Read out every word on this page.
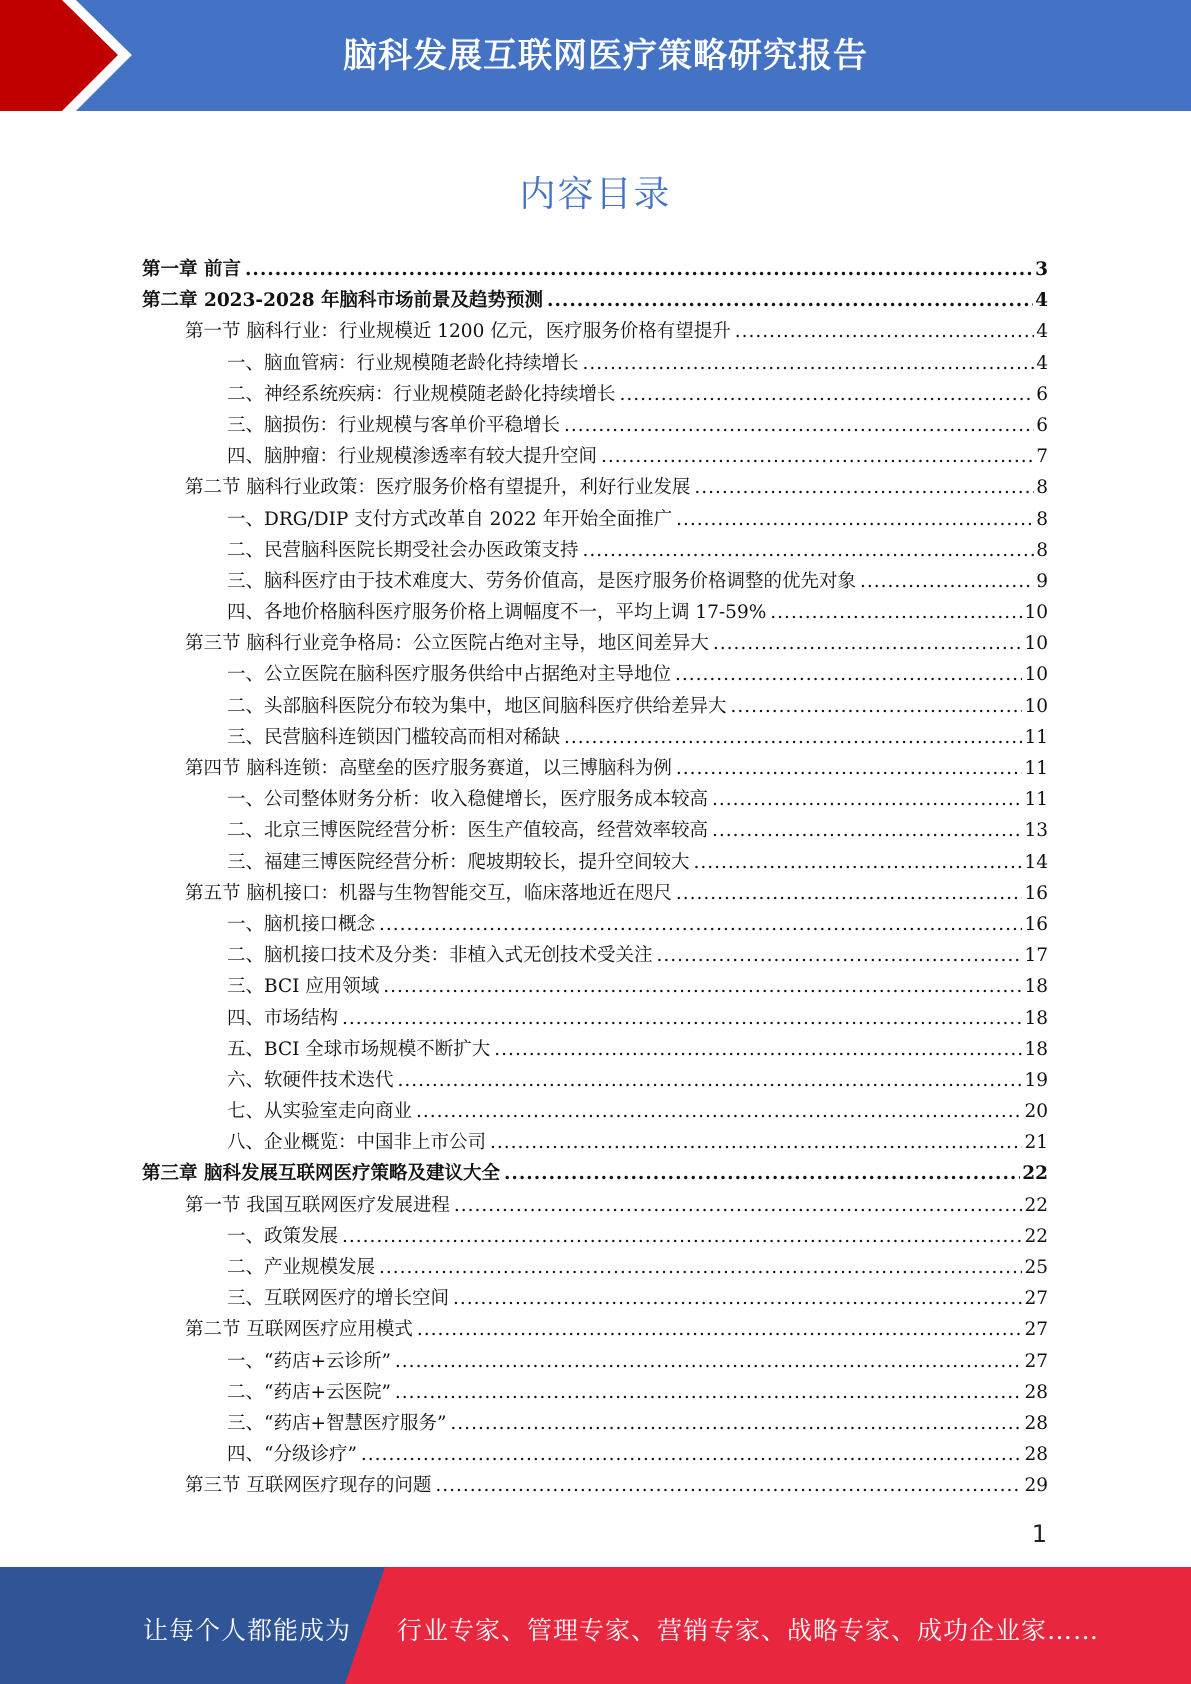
脑科发展互联网医疗策略研究报告
内容目录
第一章 前言 .....	3
第二章 2023-2028 年脑科市场前景及趋势预测 .....	4
第一节 脑科行业：行业规模近 1200 亿元，医疗服务价格有望提升 .....	4
一、脑血管病：行业规模随老龄化持续增长 .....	4
二、神经系统疾病：行业规模随老龄化持续增长 .....	6
三、脑损伤：行业规模与客单价平稳增长 .....	6
四、脑肿瘤：行业规模渗透率有较大提升空间 .....	7
第二节 脑科行业政策：医疗服务价格有望提升，利好行业发展 .....	8
一、DRG/DIP 支付方式改革自 2022 年开始全面推广 .....	8
二、民营脑科医院长期受社会办医政策支持 .....	8
三、脑科医疗由于技术难度大、劳务价值高，是医疗服务价格调整的优先对象 .....	9
四、各地价格脑科医疗服务价格上调幅度不一，平均上调 17-59% .....	10
第三节 脑科行业竞争格局：公立医院占绝对主导，地区间差异大 .....	10
一、公立医院在脑科医疗服务供给中占据绝对主导地位 .....	10
二、头部脑科医院分布较为集中，地区间脑科医疗供给差异大 .....	10
三、民营脑科连锁因门槛较高而相对稀缺 .....	11
第四节 脑科连锁：高壁垒的医疗服务赛道，以三博脑科为例 .....	11
一、公司整体财务分析：收入稳健增长，医疗服务成本较高 .....	11
二、北京三博医院经营分析：医生产值较高，经营效率较高 .....	13
三、福建三博医院经营分析：爬坡期较长，提升空间较大 .....	14
第五节 脑机接口：机器与生物智能交互，临床落地近在咫尺 .....	16
一、脑机接口概念 .....	16
二、脑机接口技术及分类：非植入式无创技术受关注 .....	17
三、BCI 应用领域 .....	18
四、市场结构 .....	18
五、BCI 全球市场规模不断扩大 .....	18
六、软硬件技术迭代 .....	19
七、从实验室走向商业 .....	20
八、企业概览：中国非上市公司 .....	21
第三章 脑科发展互联网医疗策略及建议大全 .....	22
第一节 我国互联网医疗发展进程 .....	22
一、政策发展 .....	22
二、产业规模发展 .....	25
三、互联网医疗的增长空间 .....	27
第二节 互联网医疗应用模式 .....	27
一、“药店+云诊所” .....	27
二、“药店+云医院” .....	28
三、“药店+智慧医疗服务” .....	28
四、“分级诊疗” .....	28
第三节 互联网医疗现存的问题 .....	29
1
让每个人都能成为 行业专家、管理专家、营销专家、战略专家、成功企业家……
